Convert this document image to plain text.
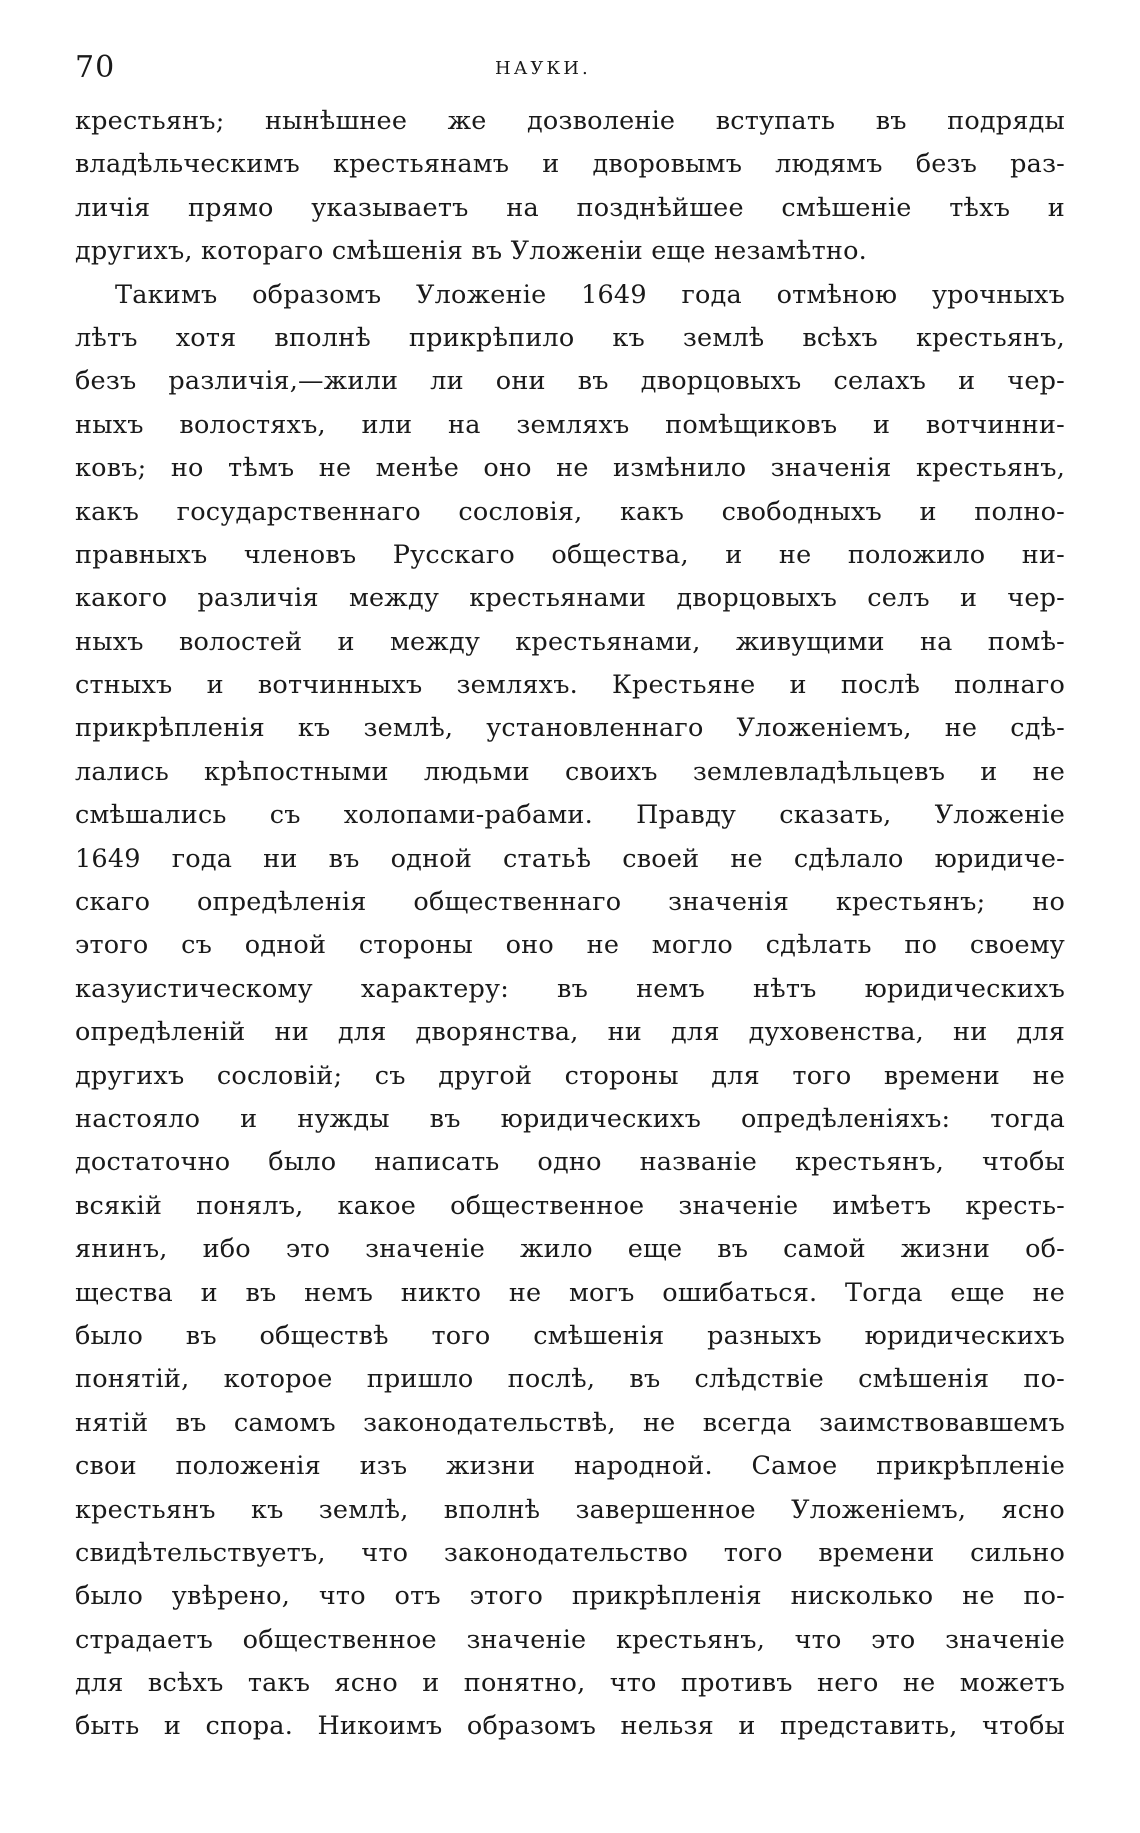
70	НАУКИ.
крестьянъ; нынѣшнее же дозволенiе вступать въ подряды
владѣльческимъ крестьянамъ и дворовымъ людямъ безъ раз-
личія прямо указываетъ на позднѣйшее смѣшеніе тѣхъ и
другихъ, котораго смѣшенія въ Уложеніи еще незамѣтно.
Такимъ образомъ Уложеніе 1649 года отмѣною урочныхъ
лѣтъ хотя вполнѣ прикрѣпило къ землѣ всѣхъ крестьянъ,
безъ различія,—жили ли они въ дворцовыхъ селахъ и чер-
ныхъ волостяхъ, или на земляхъ помѣщиковъ и вотчинни-
ковъ; но тѣмъ не менѣе оно не измѣнило значенія крестьянъ,
какъ государственнаго сословія, какъ свободныхъ и полно-
правныхъ членовъ Русскаго общества, и не положило ни-
какого различія между крестьянами дворцовыхъ селъ и чер-
ныхъ волостей и между крестьянами, живущими на помѣ-
стныхъ и вотчинныхъ земляхъ. Крестьяне и послѣ полнаго
прикрѣпленія къ землѣ, установленнаго Уложеніемъ, не сдѣ-
лались крѣпостными людьми своихъ землевладѣльцевъ и не
смѣшались съ холопами-рабами. Правду сказать, Уложеніе
1649 года ни въ одной статьѣ своей не сдѣлало юридиче-
скаго опредѣленія общественнаго значенія крестьянъ; но
этого съ одной стороны оно не могло сдѣлать по своему
казуистическому характеру: въ немъ нѣтъ юридическихъ
опредѣленій ни для дворянства, ни для духовенства, ни для
другихъ сословій; съ другой стороны для того времени не
настояло и нужды въ юридическихъ опредѣленіяхъ: тогда
достаточно было написать одно названіе крестьянъ, чтобы
всякій понялъ, какое общественное значеніе имѣетъ кресть-
янинъ, ибо это значеніе жило еще въ самой жизни об-
щества и въ немъ никто не могъ ошибаться. Тогда еще не
было въ обществѣ того смѣшенія разныхъ юридическихъ
понятій, которое пришло послѣ, въ слѣдствіе смѣшенія по-
нятій въ самомъ законодательствѣ, не всегда заимствовавшемъ
свои положенія изъ жизни народной. Самое прикрѣпленіе
крестьянъ къ землѣ, вполнѣ завершенное Уложеніемъ, ясно
свидѣтельствуетъ, что законодательство того времени сильно
было увѣрено, что отъ этого прикрѣпленія нисколько не по-
страдаетъ общественное значеніе крестьянъ, что это значеніе
для всѣхъ такъ ясно и понятно, что противъ него не можетъ
быть и спора. Никоимъ образомъ нельзя и представить, чтобы
